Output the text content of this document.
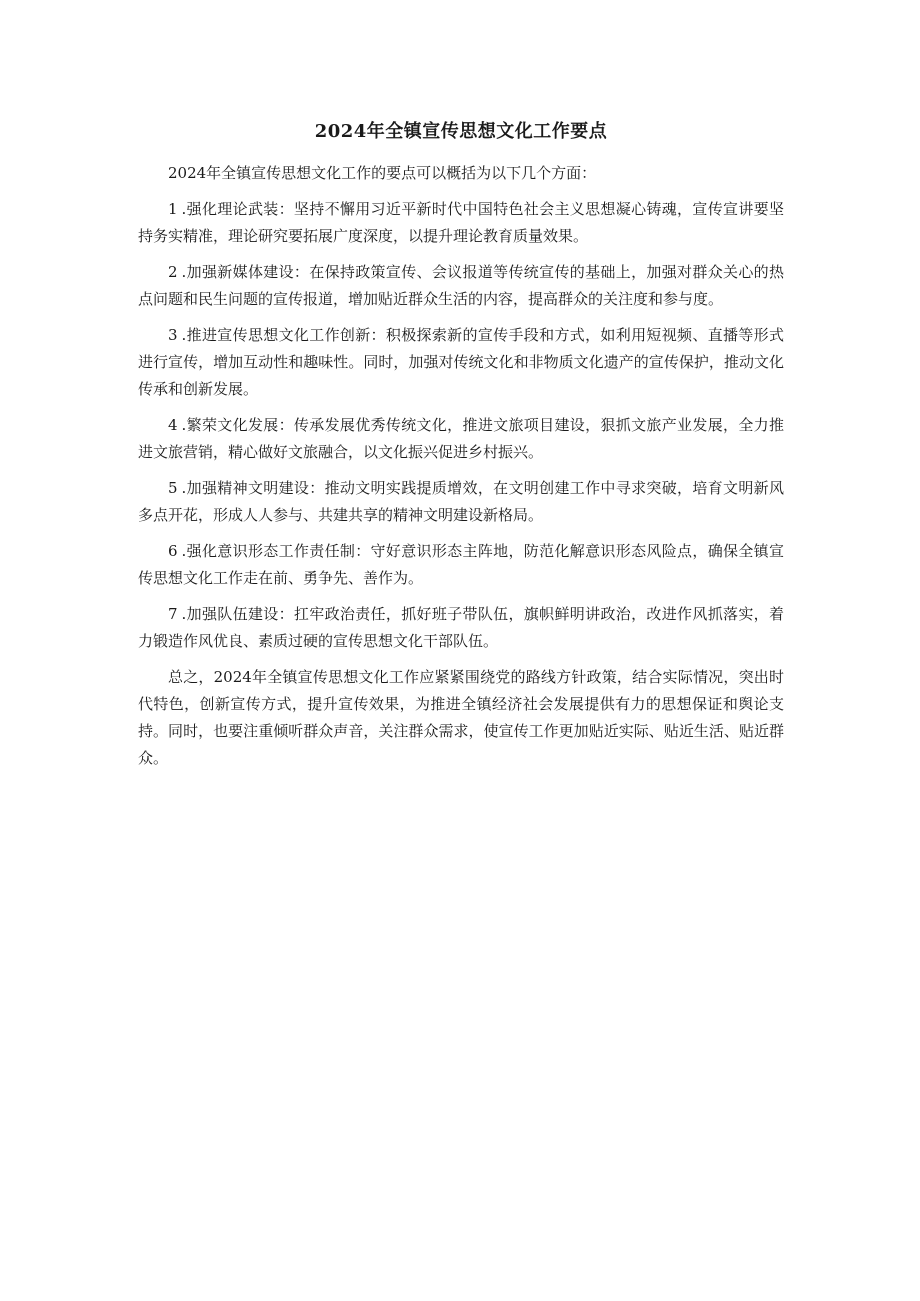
2024年全镇宣传思想文化工作要点

2024年全镇宣传思想文化工作的要点可以概括为以下几个方面：

1 .强化理论武装：坚持不懈用习近平新时代中国特色社会主义思想凝心铸魂，宣传宣讲要坚持务实精准，理论研究要拓展广度深度，以提升理论教育质量效果。

2 .加强新媒体建设：在保持政策宣传、会议报道等传统宣传的基础上，加强对群众关心的热点问题和民生问题的宣传报道，增加贴近群众生活的内容，提高群众的关注度和参与度。

3 .推进宣传思想文化工作创新：积极探索新的宣传手段和方式，如利用短视频、直播等形式进行宣传，增加互动性和趣味性。同时，加强对传统文化和非物质文化遗产的宣传保护，推动文化传承和创新发展。

4 .繁荣文化发展：传承发展优秀传统文化，推进文旅项目建设，狠抓文旅产业发展，全力推进文旅营销，精心做好文旅融合，以文化振兴促进乡村振兴。

5 .加强精神文明建设：推动文明实践提质增效，在文明创建工作中寻求突破，培育文明新风多点开花，形成人人参与、共建共享的精神文明建设新格局。

6 .强化意识形态工作责任制：守好意识形态主阵地，防范化解意识形态风险点，确保全镇宣传思想文化工作走在前、勇争先、善作为。

7 .加强队伍建设：扛牢政治责任，抓好班子带队伍，旗帜鲜明讲政治，改进作风抓落实，着力锻造作风优良、素质过硬的宣传思想文化干部队伍。

总之，2024年全镇宣传思想文化工作应紧紧围绕党的路线方针政策，结合实际情况，突出时代特色，创新宣传方式，提升宣传效果，为推进全镇经济社会发展提供有力的思想保证和舆论支持。同时，也要注重倾听群众声音，关注群众需求，使宣传工作更加贴近实际、贴近生活、贴近群众。
